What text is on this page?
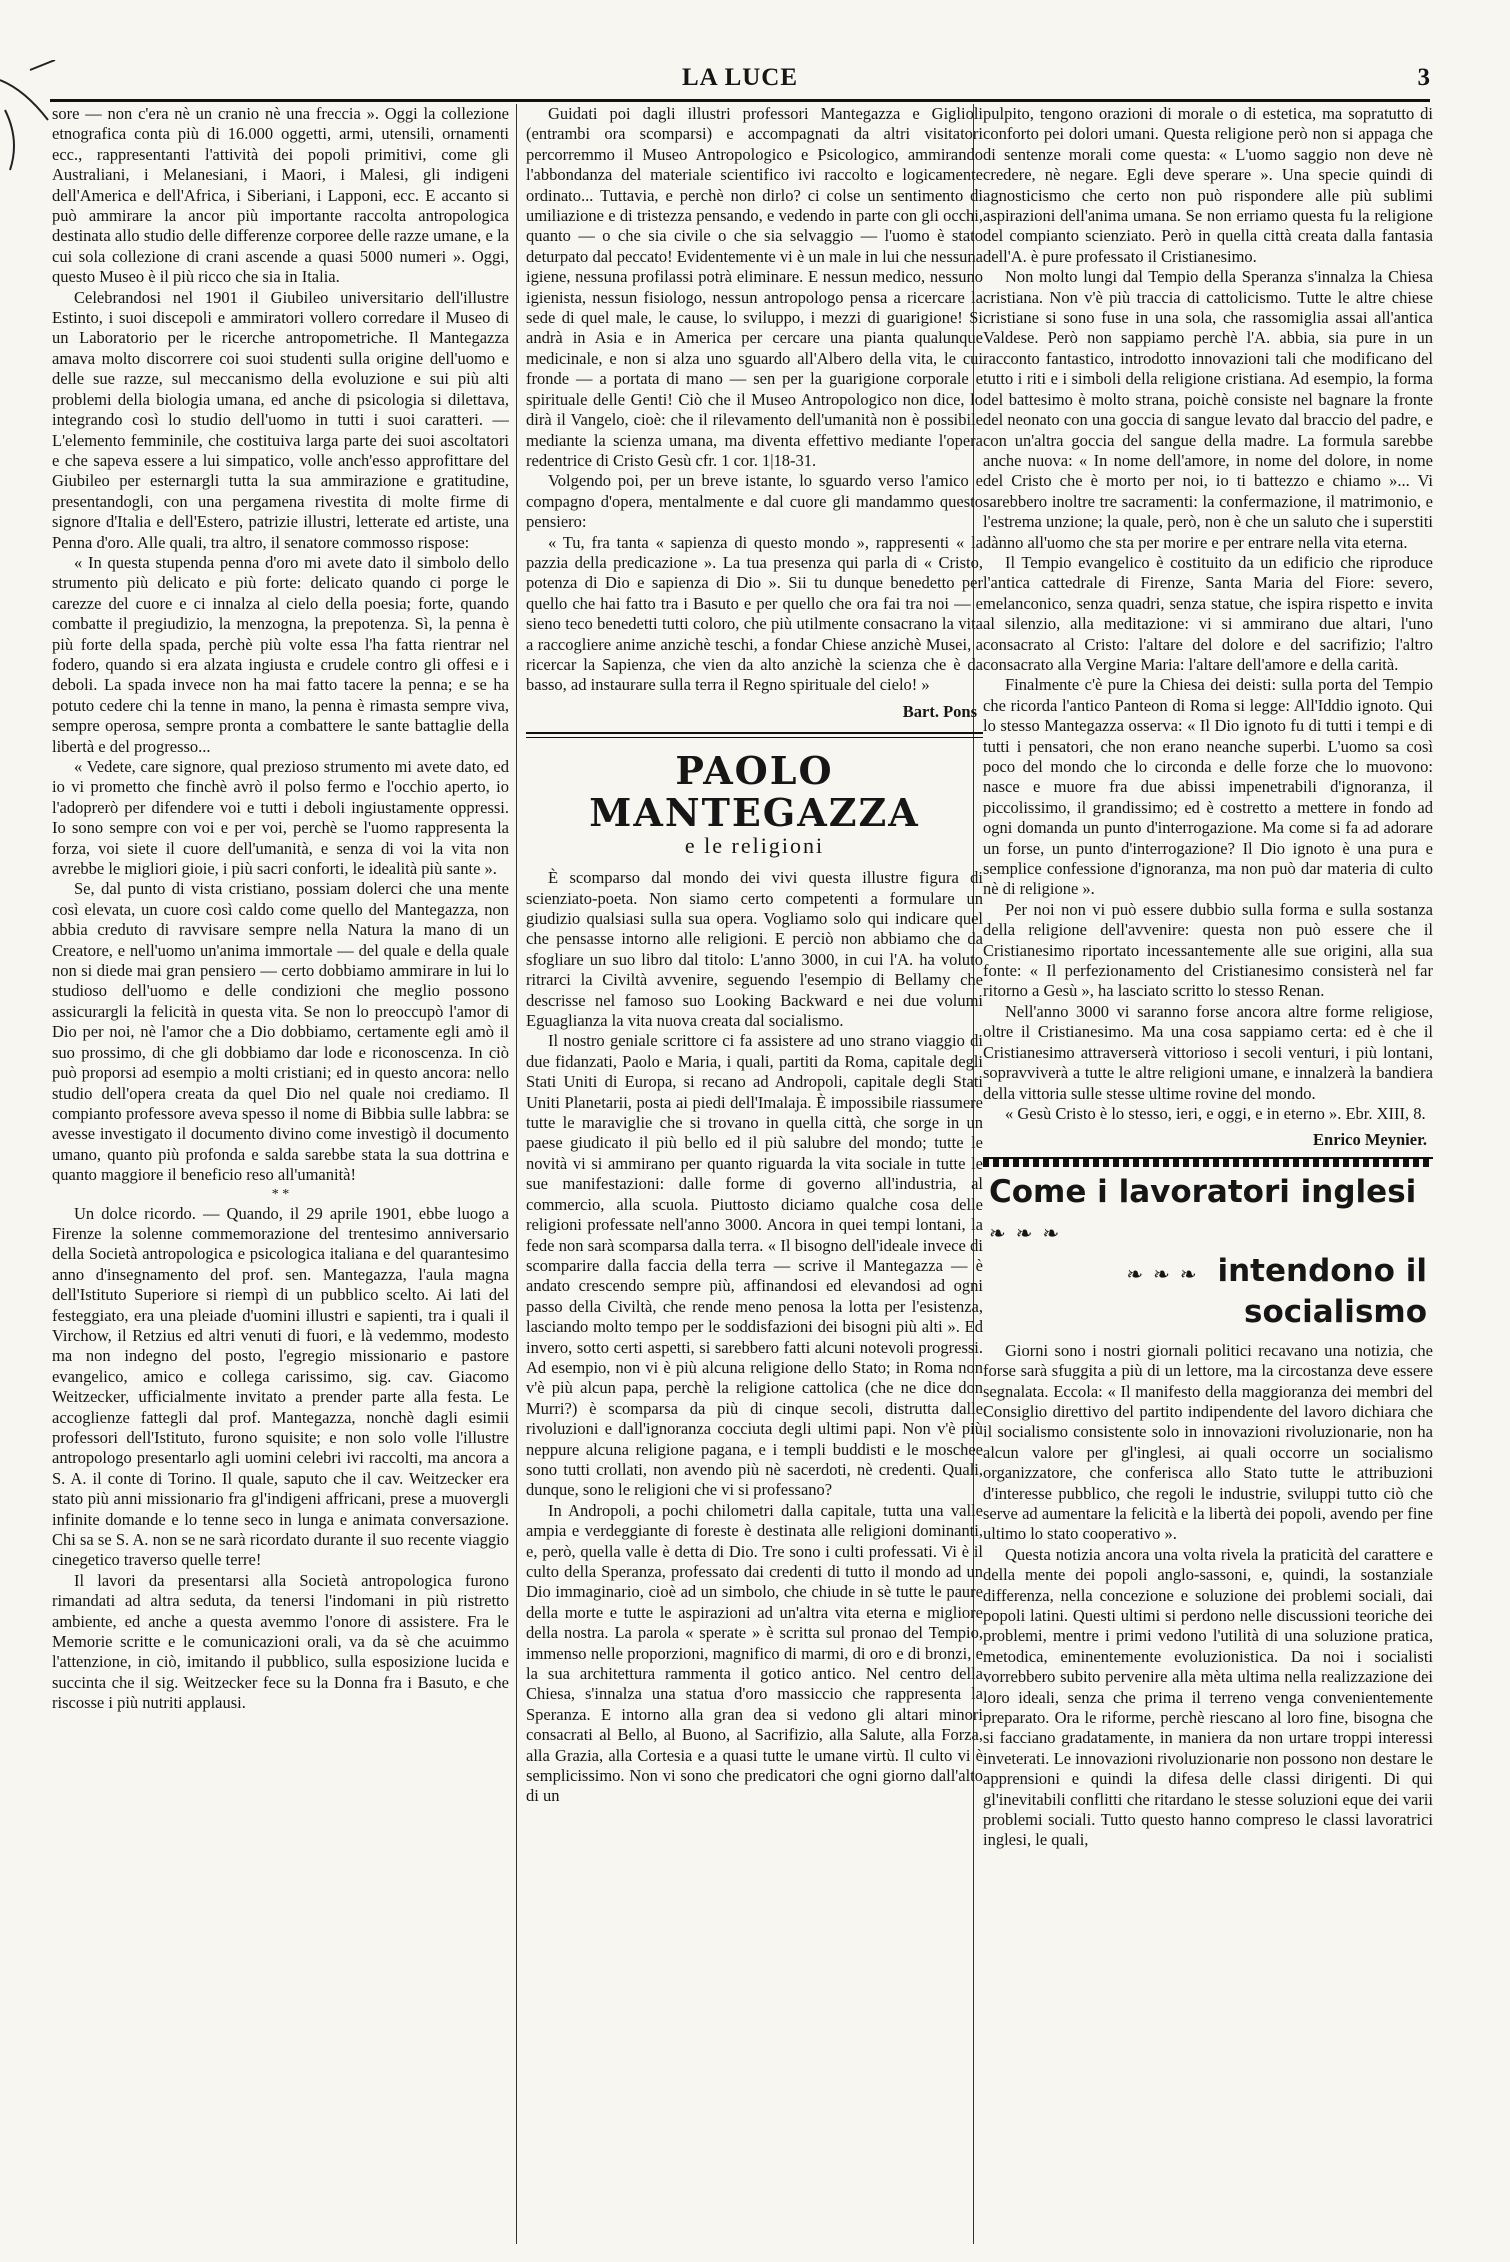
LA LUCE	3

sore — non c'era nè un cranio nè una freccia ». Oggi la collezione etnografica conta più di 16.000 oggetti, armi, utensili, ornamenti ecc., rappresentanti l'attività dei popoli primitivi, come gli Australiani, i Melanesiani, i Maori, i Malesi, gli indigeni dell'America e dell'Africa, i Siberiani, i Lapponi, ecc. E accanto si può ammirare la ancor più importante raccolta antropologica destinata allo studio delle differenze corporee delle razze umane, e la cui sola collezione di crani ascende a quasi 5000 numeri ». Oggi, questo Museo è il più ricco che sia in Italia.

Celebrandosi nel 1901 il Giubileo universitario dell'illustre Estinto, i suoi discepoli e ammiratori vollero corredare il Museo di un Laboratorio per le ricerche antropometriche. Il Mantegazza amava molto discorrere coi suoi studenti sulla origine dell'uomo e delle sue razze, sul meccanismo della evoluzione e sui più alti problemi della biologia umana, ed anche di psicologia si dilettava, integrando così lo studio dell'uomo in tutti i suoi caratteri. — L'elemento femminile, che costituiva larga parte dei suoi ascoltatori e che sapeva essere a lui simpatico, volle anch'esso approfittare del Giubileo per esternargli tutta la sua ammirazione e gratitudine, presentandogli, con una pergamena rivestita di molte firme di signore d'Italia e dell'Estero, patrizie illustri, letterate ed artiste, una Penna d'oro. Alle quali, tra altro, il senatore commosso rispose:

« In questa stupenda penna d'oro mi avete dato il simbolo dello strumento più delicato e più forte: delicato quando ci porge le carezze del cuore e ci innalza al cielo della poesia; forte, quando combatte il pregiudizio, la menzogna, la prepotenza. Sì, la penna è più forte della spada, perchè più volte essa l'ha fatta rientrar nel fodero, quando si era alzata ingiusta e crudele contro gli offesi e i deboli. La spada invece non ha mai fatto tacere la penna; e se ha potuto cedere chi la tenne in mano, la penna è rimasta sempre viva, sempre operosa, sempre pronta a combattere le sante battaglie della libertà e del progresso...

« Vedete, care signore, qual prezioso strumento mi avete dato, ed io vi prometto che finchè avrò il polso fermo e l'occhio aperto, io l'adoprerò per difendere voi e tutti i deboli ingiustamente oppressi. Io sono sempre con voi e per voi, perchè se l'uomo rappresenta la forza, voi siete il cuore dell'umanità, e senza di voi la vita non avrebbe le migliori gioie, i più sacri conforti, le idealità più sante ».

Se, dal punto di vista cristiano, possiam dolerci che una mente così elevata, un cuore così caldo come quello del Mantegazza, non abbia creduto di ravvisare sempre nella Natura la mano di un Creatore, e nell'uomo un'anima immortale — del quale e della quale non si diede mai gran pensiero — certo dobbiamo ammirare in lui lo studioso dell'uomo e delle condizioni che meglio possono assicurargli la felicità in questa vita. Se non lo preoccupò l'amor di Dio per noi, nè l'amor che a Dio dobbiamo, certamente egli amò il suo prossimo, di che gli dobbiamo dar lode e riconoscenza. In ciò può proporsi ad esempio a molti cristiani; ed in questo ancora: nello studio dell'opera creata da quel Dio nel quale noi crediamo. Il compianto professore aveva spesso il nome di Bibbia sulle labbra: se avesse investigato il documento divino come investigò il documento umano, quanto più profonda e salda sarebbe stata la sua dottrina e quanto maggiore il beneficio reso all'umanità!

* *

Un dolce ricordo. — Quando, il 29 aprile 1901, ebbe luogo a Firenze la solenne commemorazione del trentesimo anniversario della Società antropologica e psicologica italiana e del quarantesimo anno d'insegnamento del prof. sen. Mantegazza, l'aula magna dell'Istituto Superiore si riempì di un pubblico scelto. Ai lati del festeggiato, era una pleiade d'uomini illustri e sapienti, tra i quali il Virchow, il Retzius ed altri venuti di fuori, e là vedemmo, modesto ma non indegno del posto, l'egregio missionario e pastore evangelico, amico e collega carissimo, sig. cav. Giacomo Weitzecker, ufficialmente invitato a prender parte alla festa. Le accoglienze fattegli dal prof. Mantegazza, nonchè dagli esimii professori dell'Istituto, furono squisite; e non solo volle l'illustre antropologo presentarlo agli uomini celebri ivi raccolti, ma ancora a S. A. il conte di Torino. Il quale, saputo che il cav. Weitzecker era stato più anni missionario fra gl'indigeni affricani, prese a muovergli infinite domande e lo tenne seco in lunga e animata conversazione. Chi sa se S. A. non se ne sarà ricordato durante il suo recente viaggio cinegetico traverso quelle terre!

Il lavori da presentarsi alla Società antropologica furono rimandati ad altra seduta, da tenersi l'indomani in più ristretto ambiente, ed anche a questa avemmo l'onore di assistere. Fra le Memorie scritte e le comunicazioni orali, va da sè che acuimmo l'attenzione, in ciò, imitando il pubblico, sulla esposizione lucida e succinta che il sig. Weitzecker fece su la Donna fra i Basuto, e che riscosse i più nutriti applausi.

Guidati poi dagli illustri professori Mantegazza e Giglioli (entrambi ora scomparsi) e accompagnati da altri visitatori percorremmo il Museo Antropologico e Psicologico, ammirando l'abbondanza del materiale scientifico ivi raccolto e logicamente ordinato... Tuttavia, e perchè non dirlo? ci colse un sentimento di umiliazione e di tristezza pensando, e vedendo in parte con gli occhi, quanto — o che sia civile o che sia selvaggio — l'uomo è stato deturpato dal peccato! Evidentemente vi è un male in lui che nessuna igiene, nessuna profilassi potrà eliminare. E nessun medico, nessuno igienista, nessun fisiologo, nessun antropologo pensa a ricercare la sede di quel male, le cause, lo sviluppo, i mezzi di guarigione! Si andrà in Asia e in America per cercare una pianta qualunque medicinale, e non si alza uno sguardo all'Albero della vita, le cui fronde — a portata di mano — sen per la guarigione corporale e spirituale delle Genti! Ciò che il Museo Antropologico non dice, lo dirà il Vangelo, cioè: che il rilevamento dell'umanità non è possibile mediante la scienza umana, ma diventa effettivo mediante l'opera redentrice di Cristo Gesù cfr. 1 cor. 1|18-31.

Volgendo poi, per un breve istante, lo sguardo verso l'amico e compagno d'opera, mentalmente e dal cuore gli mandammo questo pensiero:

« Tu, fra tanta « sapienza di questo mondo », rappresenti « la pazzia della predicazione ». La tua presenza qui parla di « Cristo, potenza di Dio e sapienza di Dio ». Sii tu dunque benedetto per quello che hai fatto tra i Basuto e per quello che ora fai tra noi — e sieno teco benedetti tutti coloro, che più utilmente consacrano la vita a raccogliere anime anzichè teschi, a fondar Chiese anzichè Musei, a ricercar la Sapienza, che vien da alto anzichè la scienza che è da basso, ad instaurare sulla terra il Regno spirituale del cielo! »

Bart. Pons
PAOLO MANTEGAZZA
e le religioni

È scomparso dal mondo dei vivi questa illustre figura di scienziato-poeta. Non siamo certo competenti a formulare un giudizio qualsiasi sulla sua opera. Vogliamo solo qui indicare quel che pensasse intorno alle religioni. E perciò non abbiamo che da sfogliare un suo libro dal titolo: L'anno 3000, in cui l'A. ha voluto ritrarci la Civiltà avvenire, seguendo l'esempio di Bellamy che descrisse nel famoso suo Looking Backward e nei due volumi Eguaglianza la vita nuova creata dal socialismo.

Il nostro geniale scrittore ci fa assistere ad uno strano viaggio di due fidanzati, Paolo e Maria, i quali, partiti da Roma, capitale degli Stati Uniti di Europa, si recano ad Andropoli, capitale degli Stati Uniti Planetarii, posta ai piedi dell'Imalaja. È impossibile riassumere tutte le maraviglie che si trovano in quella città, che sorge in un paese giudicato il più bello ed il più salubre del mondo; tutte le novità vi si ammirano per quanto riguarda la vita sociale in tutte le sue manifestazioni: dalle forme di governo all'industria, al commercio, alla scuola. Piuttosto diciamo qualche cosa delle religioni professate nell'anno 3000. Ancora in quei tempi lontani, la fede non sarà scomparsa dalla terra. « Il bisogno dell'ideale invece di scomparire dalla faccia della terra — scrive il Mantegazza — è andato crescendo sempre più, affinandosi ed elevandosi ad ogni passo della Civiltà, che rende meno penosa la lotta per l'esistenza, lasciando molto tempo per le soddisfazioni dei bisogni più alti ». Ed invero, sotto certi aspetti, si sarebbero fatti alcuni notevoli progressi. Ad esempio, non vi è più alcuna religione dello Stato; in Roma non v'è più alcun papa, perchè la religione cattolica (che ne dice don Murri?) è scomparsa da più di cinque secoli, distrutta dalle rivoluzioni e dall'ignoranza cocciuta degli ultimi papi. Non v'è più neppure alcuna religione pagana, e i templi buddisti e le moschee sono tutti crollati, non avendo più nè sacerdoti, nè credenti. Quali, dunque, sono le religioni che vi si professano?

In Andropoli, a pochi chilometri dalla capitale, tutta una valle ampia e verdeggiante di foreste è destinata alle religioni dominanti, e, però, quella valle è detta di Dio. Tre sono i culti professati. Vi è il culto della Speranza, professato dai credenti di tutto il mondo ad un Dio immaginario, cioè ad un simbolo, che chiude in sè tutte le paure della morte e tutte le aspirazioni ad un'altra vita eterna e migliore della nostra. La parola « sperate » è scritta sul pronao del Tempio, immenso nelle proporzioni, magnifico di marmi, di oro e di bronzi, e la sua architettura rammenta il gotico antico. Nel centro della Chiesa, s'innalza una statua d'oro massiccio che rappresenta la Speranza. E intorno alla gran dea si vedono gli altari minori consacrati al Bello, al Buono, al Sacrifizio, alla Salute, alla Forza, alla Grazia, alla Cortesia e a quasi tutte le umane virtù. Il culto vi è semplicissimo. Non vi sono che predicatori che ogni giorno dall'alto di un

pulpito, tengono orazioni di morale o di estetica, ma sopratutto di conforto pei dolori umani. Questa religione però non si appaga che di sentenze morali come questa: « L'uomo saggio non deve nè credere, nè negare. Egli deve sperare ». Una specie quindi di agnosticismo che certo non può rispondere alle più sublimi aspirazioni dell'anima umana. Se non erriamo questa fu la religione del compianto scienziato. Però in quella città creata dalla fantasia dell'A. è pure professato il Cristianesimo.

Non molto lungi dal Tempio della Speranza s'innalza la Chiesa cristiana. Non v'è più traccia di cattolicismo. Tutte le altre chiese cristiane si sono fuse in una sola, che rassomiglia assai all'antica Valdese. Però non sappiamo perchè l'A. abbia, sia pure in un racconto fantastico, introdotto innovazioni tali che modificano del tutto i riti e i simboli della religione cristiana. Ad esempio, la forma del battesimo è molto strana, poichè consiste nel bagnare la fronte del neonato con una goccia di sangue levato dal braccio del padre, e con un'altra goccia del sangue della madre. La formula sarebbe anche nuova: « In nome dell'amore, in nome del dolore, in nome del Cristo che è morto per noi, io ti battezzo e chiamo »... Vi sarebbero inoltre tre sacramenti: la confermazione, il matrimonio, e l'estrema unzione; la quale, però, non è che un saluto che i superstiti dànno all'uomo che sta per morire e per entrare nella vita eterna.

Il Tempio evangelico è costituito da un edificio che riproduce l'antica cattedrale di Firenze, Santa Maria del Fiore: severo, melanconico, senza quadri, senza statue, che ispira rispetto e invita al silenzio, alla meditazione: vi si ammirano due altari, l'uno consacrato al Cristo: l'altare del dolore e del sacrifizio; l'altro consacrato alla Vergine Maria: l'altare dell'amore e della carità.

Finalmente c'è pure la Chiesa dei deisti: sulla porta del Tempio che ricorda l'antico Panteon di Roma si legge: All'Iddio ignoto. Qui lo stesso Mantegazza osserva: « Il Dio ignoto fu di tutti i tempi e di tutti i pensatori, che non erano neanche superbi. L'uomo sa così poco del mondo che lo circonda e delle forze che lo muovono: nasce e muore fra due abissi impenetrabili d'ignoranza, il piccolissimo, il grandissimo; ed è costretto a mettere in fondo ad ogni domanda un punto d'interrogazione. Ma come si fa ad adorare un forse, un punto d'interrogazione? Il Dio ignoto è una pura e semplice confessione d'ignoranza, ma non può dar materia di culto nè di religione ».

Per noi non vi può essere dubbio sulla forma e sulla sostanza della religione dell'avvenire: questa non può essere che il Cristianesimo riportato incessantemente alle sue origini, alla sua fonte: « Il perfezionamento del Cristianesimo consisterà nel far ritorno a Gesù », ha lasciato scritto lo stesso Renan.

Nell'anno 3000 vi saranno forse ancora altre forme religiose, oltre il Cristianesimo. Ma una cosa sappiamo certa: ed è che il Cristianesimo attraverserà vittorioso i secoli venturi, i più lontani, sopravviverà a tutte le altre religioni umane, e innalzerà la bandiera della vittoria sulle stesse ultime rovine del mondo.

« Gesù Cristo è lo stesso, ieri, e oggi, e in eterno ». Ebr. XIII, 8.

Enrico Meynier.
Come i lavoratori inglesi ❧❧❧
❧❧❧ intendono il socialismo

Giorni sono i nostri giornali politici recavano una notizia, che forse sarà sfuggita a più di un lettore, ma la circostanza deve essere segnalata. Eccola: « Il manifesto della maggioranza dei membri del Consiglio direttivo del partito indipendente del lavoro dichiara che il socialismo consistente solo in innovazioni rivoluzionarie, non ha alcun valore per gl'inglesi, ai quali occorre un socialismo organizzatore, che conferisca allo Stato tutte le attribuzioni d'interesse pubblico, che regoli le industrie, sviluppi tutto ciò che serve ad aumentare la felicità e la libertà dei popoli, avendo per fine ultimo lo stato cooperativo ».

Questa notizia ancora una volta rivela la praticità del carattere e della mente dei popoli anglo-sassoni, e, quindi, la sostanziale differenza, nella concezione e soluzione dei problemi sociali, dai popoli latini. Questi ultimi si perdono nelle discussioni teoriche dei problemi, mentre i primi vedono l'utilità di una soluzione pratica, metodica, eminentemente evoluzionistica. Da noi i socialisti vorrebbero subito pervenire alla mèta ultima nella realizzazione dei loro ideali, senza che prima il terreno venga convenientemente preparato. Ora le riforme, perchè riescano al loro fine, bisogna che si facciano gradatamente, in maniera da non urtare troppi interessi inveterati. Le innovazioni rivoluzionarie non possono non destare le apprensioni e quindi la difesa delle classi dirigenti. Di qui gl'inevitabili conflitti che ritardano le stesse soluzioni eque dei varii problemi sociali. Tutto questo hanno compreso le classi lavoratrici inglesi, le quali,
